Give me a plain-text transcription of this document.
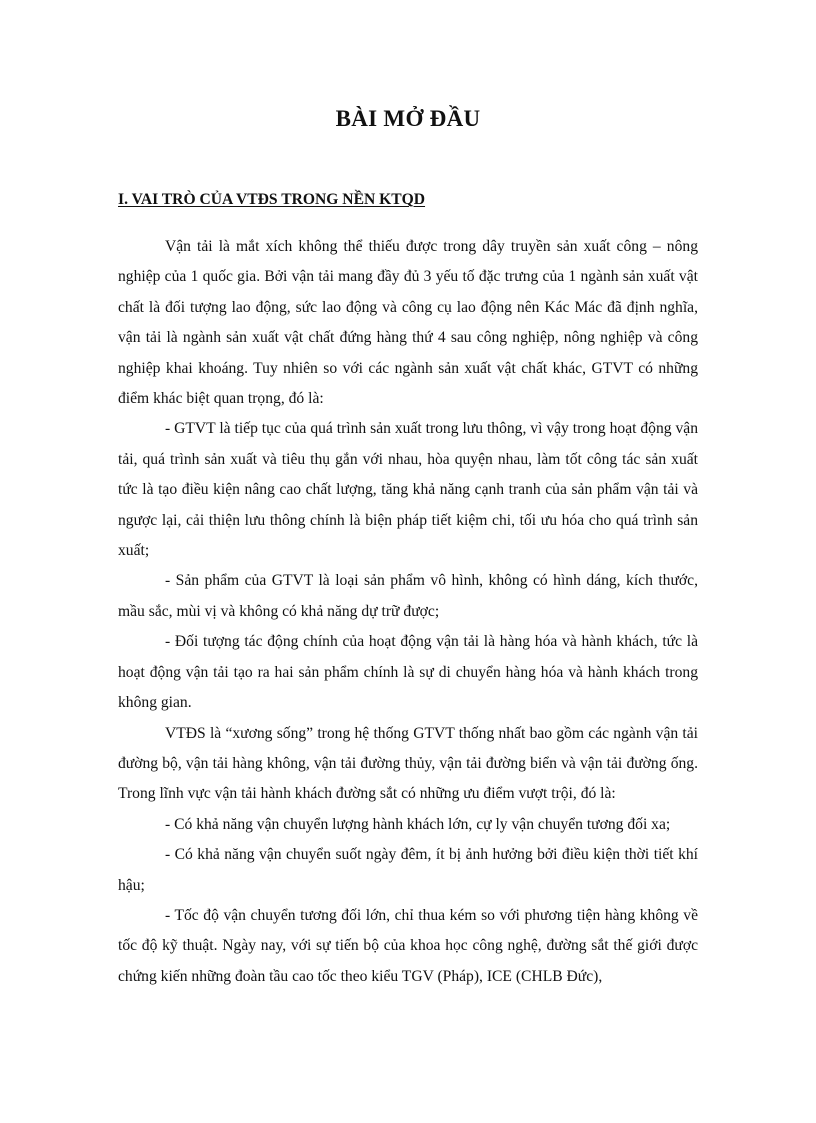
BÀI MỞ ĐẦU
I. VAI TRÒ CỦA VTĐS TRONG NỀN KTQD

Vận tải là mắt xích không thể thiếu được trong dây truyền sản xuất công – nông nghiệp của 1 quốc gia. Bởi vận tải mang đầy đủ 3 yếu tố đặc trưng của 1 ngành sản xuất vật chất là đối tượng lao động, sức lao động và công cụ lao động nên Kác Mác đã định nghĩa, vận tải là ngành sản xuất vật chất đứng hàng thứ 4 sau công nghiệp, nông nghiệp và công nghiệp khai khoáng. Tuy nhiên so với các ngành sản xuất vật chất khác, GTVT có những điểm khác biệt quan trọng, đó là:

- GTVT là tiếp tục của quá trình sản xuất trong lưu thông, vì vậy trong hoạt động vận tải, quá trình sản xuất và tiêu thụ gắn với nhau, hòa quyện nhau, làm tốt công tác sản xuất tức là tạo điều kiện nâng cao chất lượng, tăng khả năng cạnh tranh của sản phẩm vận tải và ngược lại, cải thiện lưu thông chính là biện pháp tiết kiệm chi, tối ưu hóa cho quá trình sản xuất;

- Sản phẩm của GTVT là loại sản phẩm vô hình, không có hình dáng, kích thước, mầu sắc, mùi vị và không có khả năng dự trữ được;

- Đối tượng tác động chính của hoạt động vận tải là hàng hóa và hành khách, tức là hoạt động vận tải tạo ra hai sản phẩm chính là sự di chuyển hàng hóa và hành khách trong không gian.

VTĐS là “xương sống” trong hệ thống GTVT thống nhất bao gồm các ngành vận tải đường bộ, vận tải hàng không, vận tải đường thủy, vận tải đường biển và vận tải đường ống. Trong lĩnh vực vận tải hành khách đường sắt có những ưu điểm vượt trội, đó là:

- Có khả năng vận chuyển lượng hành khách lớn, cự ly vận chuyển tương đối xa;

- Có khả năng vận chuyển suốt ngày đêm, ít bị ảnh hưởng bởi điều kiện thời tiết khí hậu;

- Tốc độ vận chuyển tương đối lớn, chỉ thua kém so với phương tiện hàng không về tốc độ kỹ thuật. Ngày nay, với sự tiến bộ của khoa học công nghệ, đường sắt thế giới được chứng kiến những đoàn tầu cao tốc theo kiểu TGV (Pháp), ICE (CHLB Đức),
